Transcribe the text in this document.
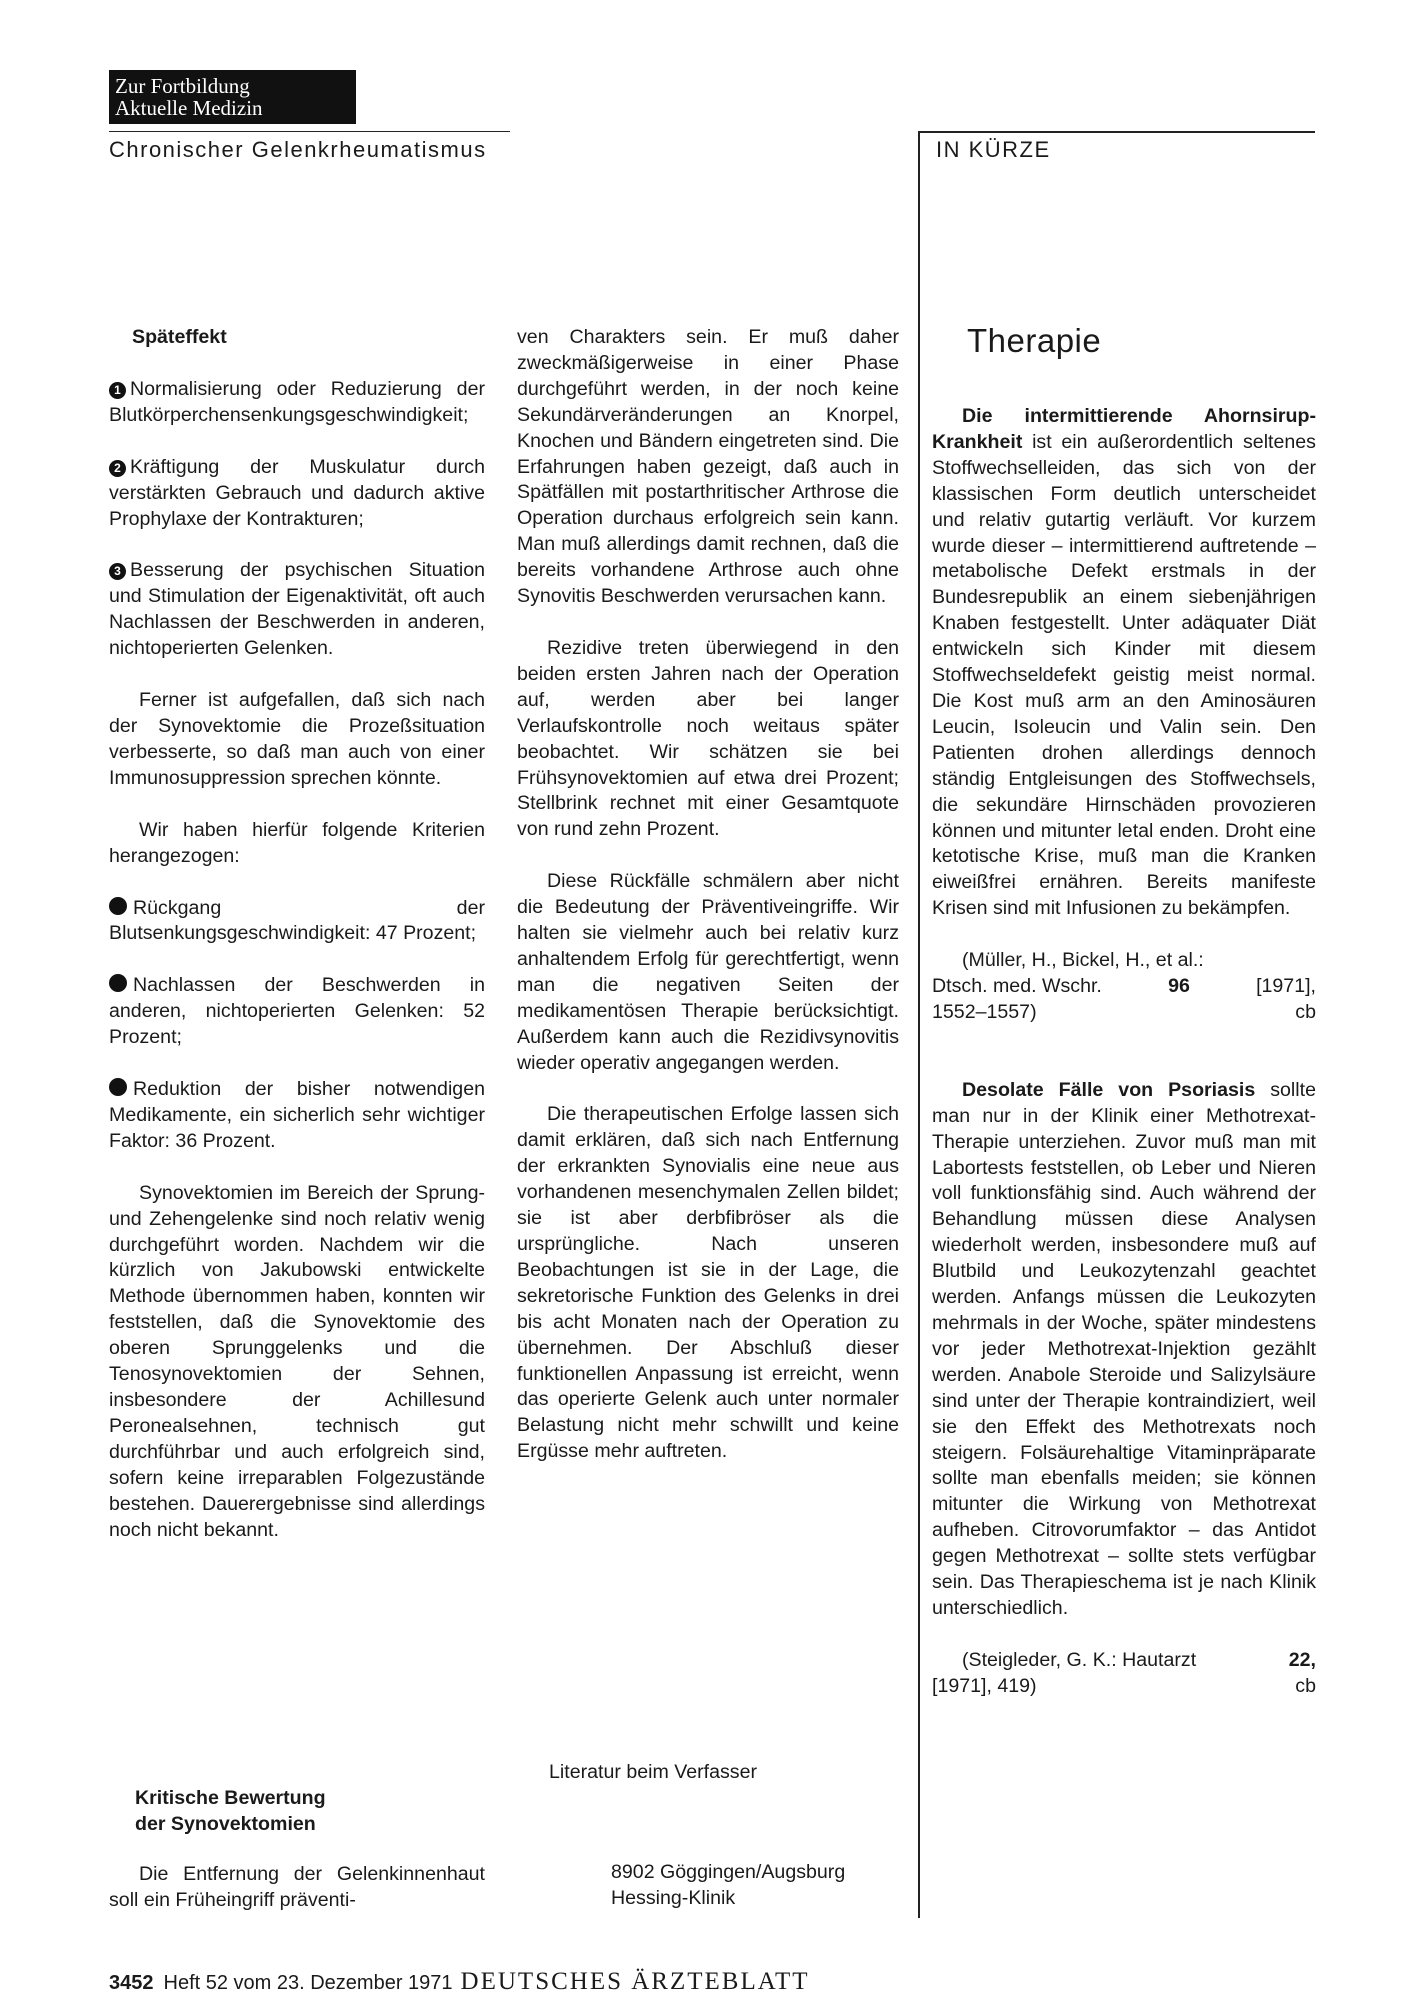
Zur Fortbildung
Aktuelle Medizin
Chronischer Gelenkrheumatismus	IN KÜRZE

Späteffekt

1 Normalisierung oder Reduzierung der Blutkörperchensenkungsgeschwindigkeit;

2 Kräftigung der Muskulatur durch verstärkten Gebrauch und dadurch aktive Prophylaxe der Kontrakturen;

3 Besserung der psychischen Situation und Stimulation der Eigenaktivität, oft auch Nachlassen der Beschwerden in anderen, nichtoperierten Gelenken.

Ferner ist aufgefallen, daß sich nach der Synovektomie die Prozeßsituation verbesserte, so daß man auch von einer Immunosuppression sprechen könnte.

Wir haben hierfür folgende Kriterien herangezogen:

Rückgang der Blutsenkungsgeschwindigkeit: 47 Prozent;

Nachlassen der Beschwerden in anderen, nichtoperierten Gelenken: 52 Prozent;

Reduktion der bisher notwendigen Medikamente, ein sicherlich sehr wichtiger Faktor: 36 Prozent.

Synovektomien im Bereich der Sprung- und Zehengelenke sind noch relativ wenig durchgeführt worden. Nachdem wir die kürzlich von Jakubowski entwickelte Methode übernommen haben, konnten wir feststellen, daß die Synovektomie des oberen Sprunggelenks und die Tenosynovektomien der Sehnen, insbesondere der Achillesund Peronealsehnen, technisch gut durchführbar und auch erfolgreich sind, sofern keine irreparablen Folgezustände bestehen. Dauerergebnisse sind allerdings noch nicht bekannt.

Kritische Bewertung
der Synovektomien

Die Entfernung der Gelenkinnenhaut soll ein Früheingriff präventi-

ven Charakters sein. Er muß daher zweckmäßigerweise in einer Phase durchgeführt werden, in der noch keine Sekundärveränderungen an Knorpel, Knochen und Bändern eingetreten sind. Die Erfahrungen haben gezeigt, daß auch in Spätfällen mit postarthritischer Arthrose die Operation durchaus erfolgreich sein kann. Man muß allerdings damit rechnen, daß die bereits vorhandene Arthrose auch ohne Synovitis Beschwerden verursachen kann.

Rezidive treten überwiegend in den beiden ersten Jahren nach der Operation auf, werden aber bei langer Verlaufskontrolle noch weitaus später beobachtet. Wir schätzen sie bei Frühsynovektomien auf etwa drei Prozent; Stellbrink rechnet mit einer Gesamtquote von rund zehn Prozent.

Diese Rückfälle schmälern aber nicht die Bedeutung der Präventiveingriffe. Wir halten sie vielmehr auch bei relativ kurz anhaltendem Erfolg für gerechtfertigt, wenn man die negativen Seiten der medikamentösen Therapie berücksichtigt. Außerdem kann auch die Rezidivsynovitis wieder operativ angegangen werden.

Die therapeutischen Erfolge lassen sich damit erklären, daß sich nach Entfernung der erkrankten Synovialis eine neue aus vorhandenen mesenchymalen Zellen bildet; sie ist aber derbfibröser als die ursprüngliche. Nach unseren Beobachtungen ist sie in der Lage, die sekretorische Funktion des Gelenks in drei bis acht Monaten nach der Operation zu übernehmen. Der Abschluß dieser funktionellen Anpassung ist erreicht, wenn das operierte Gelenk auch unter normaler Belastung nicht mehr schwillt und keine Ergüsse mehr auftreten.

Literatur beim Verfasser
8902 Göggingen/Augsburg
Hessing-Klinik
Therapie

Die intermittierende Ahornsirup-Krankheit ist ein außerordentlich seltenes Stoffwechselleiden, das sich von der klassischen Form deutlich unterscheidet und relativ gutartig verläuft. Vor kurzem wurde dieser – intermittierend auftretende – metabolische Defekt erstmals in der Bundesrepublik an einem siebenjährigen Knaben festgestellt. Unter adäquater Diät entwickeln sich Kinder mit diesem Stoffwechseldefekt geistig meist normal. Die Kost muß arm an den Aminosäuren Leucin, Isoleucin und Valin sein. Den Patienten drohen allerdings dennoch ständig Entgleisungen des Stoffwechsels, die sekundäre Hirnschäden provozieren können und mitunter letal enden. Droht eine ketotische Krise, muß man die Kranken eiweißfrei ernähren. Bereits manifeste Krisen sind mit Infusionen zu bekämpfen.

(Müller, H., Bickel, H., et al.:
Dtsch. med. Wschr.	96	[1971],
1552–1557)	cb

Desolate Fälle von Psoriasis sollte man nur in der Klinik einer Methotrexat-Therapie unterziehen. Zuvor muß man mit Labortests feststellen, ob Leber und Nieren voll funktionsfähig sind. Auch während der Behandlung müssen diese Analysen wiederholt werden, insbesondere muß auf Blutbild und Leukozytenzahl geachtet werden. Anfangs müssen die Leukozyten mehrmals in der Woche, später mindestens vor jeder Methotrexat-Injektion gezählt werden. Anabole Steroide und Salizylsäure sind unter der Therapie kontraindiziert, weil sie den Effekt des Methotrexats noch steigern. Folsäurehaltige Vitaminpräparate sollte man ebenfalls meiden; sie können mitunter die Wirkung von Methotrexat aufheben. Citrovorumfaktor – das Antidot gegen Methotrexat – sollte stets verfügbar sein. Das Therapieschema ist je nach Klinik unterschiedlich.

(Steigleder, G. K.: Hautarzt	22,
[1971], 419)	cb
3452 Heft 52 vom 23. Dezember 1971 DEUTSCHES ÄRZTEBLATT
